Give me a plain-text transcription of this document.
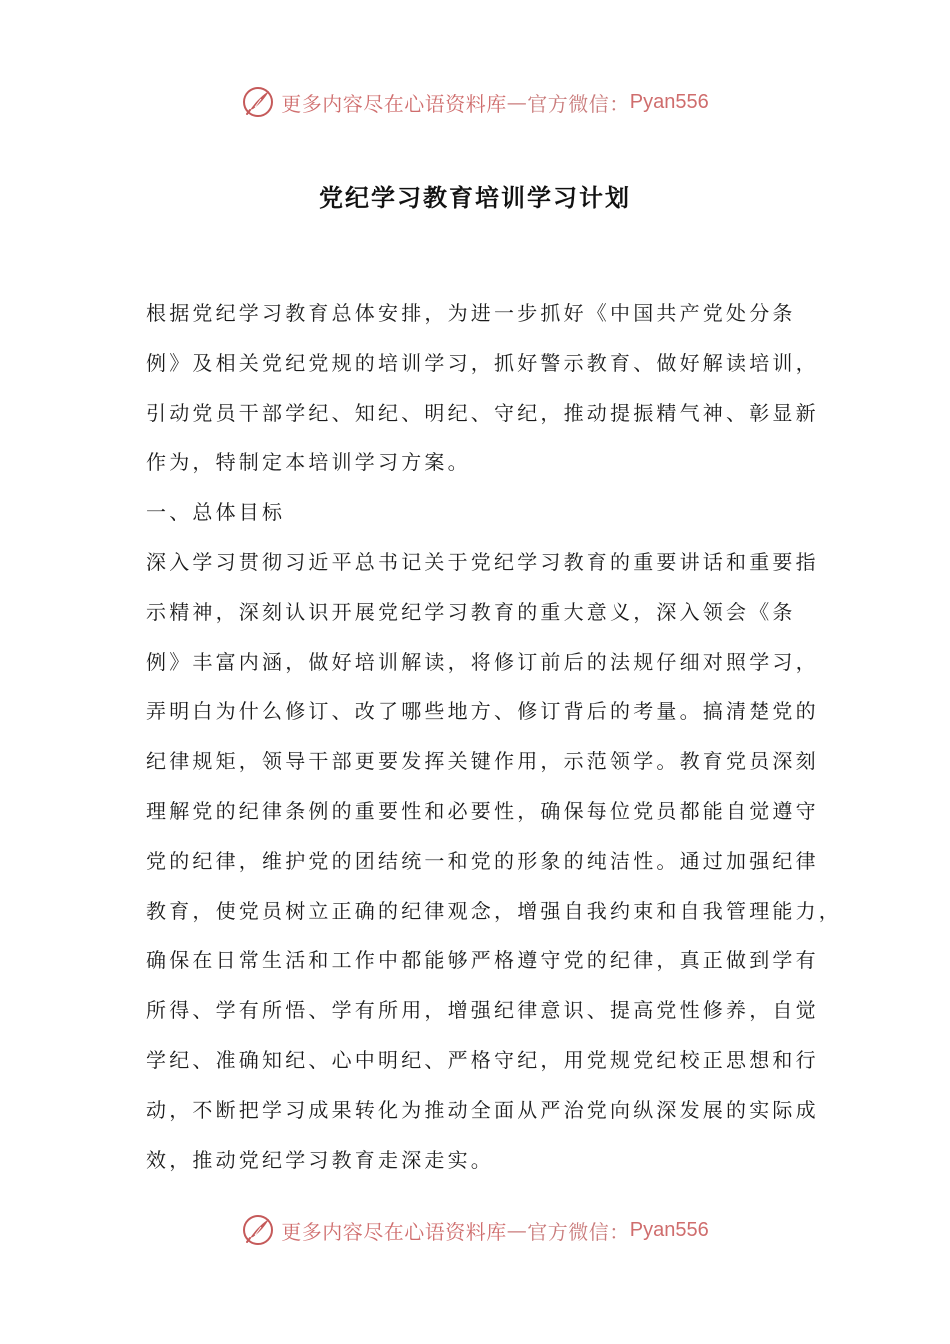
更多内容尽在心语资料库 — 官方微信： Pyan556
党纪学习教育培训学习计划
根据党纪学习教育总体安排，为进一步抓好《中国共产党处分条
例》及相关党纪党规的培训学习，抓好警示教育、做好解读培训，
引动党员干部学纪、知纪、明纪、守纪，推动提振精气神、彰显新
作为，特制定本培训学习方案。
一、总体目标
深入学习贯彻习近平总书记关于党纪学习教育的重要讲话和重要指
示精神，深刻认识开展党纪学习教育的重大意义，深入领会《条
例》丰富内涵，做好培训解读，将修订前后的法规仔细对照学习，
弄明白为什么修订、改了哪些地方、修订背后的考量。搞清楚党的
纪律规矩，领导干部更要发挥关键作用，示范领学。教育党员深刻
理解党的纪律条例的重要性和必要性，确保每位党员都能自觉遵守
党的纪律，维护党的团结统一和党的形象的纯洁性。通过加强纪律
教育，使党员树立正确的纪律观念，增强自我约束和自我管理能力，
确保在日常生活和工作中都能够严格遵守党的纪律，真正做到学有
所得、学有所悟、学有所用，增强纪律意识、提高党性修养，自觉
学纪、准确知纪、心中明纪、严格守纪，用党规党纪校正思想和行
动，不断把学习成果转化为推动全面从严治党向纵深发展的实际成
效，推动党纪学习教育走深走实。
更多内容尽在心语资料库 — 官方微信： Pyan556
